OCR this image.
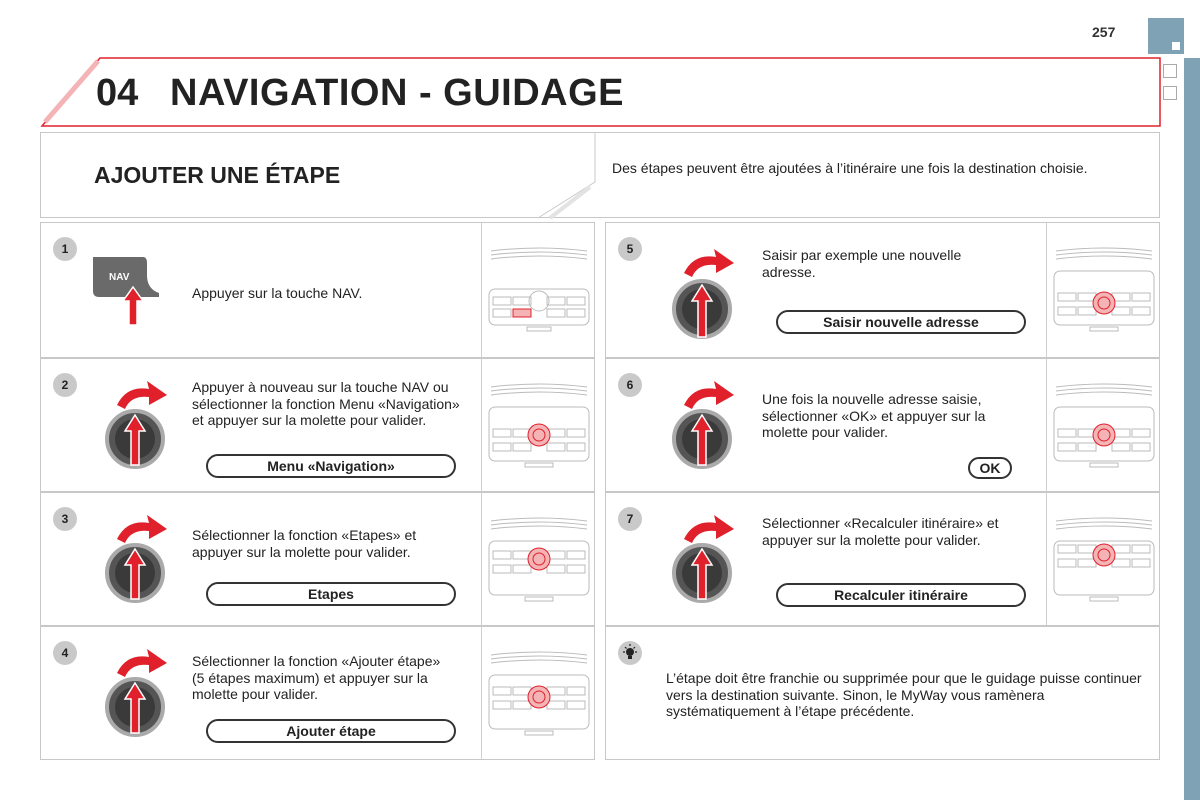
257
04 NAVIGATION - GUIDAGE
AJOUTER UNE ÉTAPE	Des étapes peuvent être ajoutées à l’itinéraire une fois la destination choisie.
1
NAV
Appuyer sur la touche NAV.
2	Appuyer à nouveau sur la touche NAV ou sélectionner la fonction Menu «Navigation» et appuyer sur la molette pour valider.
Menu «Navigation»
3
Sélectionner la fonction «Etapes» et appuyer sur la molette pour valider.
Etapes
4	Sélectionner la fonction «Ajouter étape» (5 étapes maximum) et appuyer sur la molette pour valider.
Ajouter étape
5	Saisir par exemple une nouvelle adresse.
Saisir nouvelle adresse
6
Une fois la nouvelle adresse saisie, sélectionner «OK» et appuyer sur la molette pour valider.
OK
7	Sélectionner «Recalculer itinéraire» et appuyer sur la molette pour valider.
Recalculer itinéraire
L’étape doit être franchie ou supprimée pour que le guidage puisse continuer vers la destination suivante. Sinon, le MyWay vous ramènera systématiquement à l’étape précédente.
